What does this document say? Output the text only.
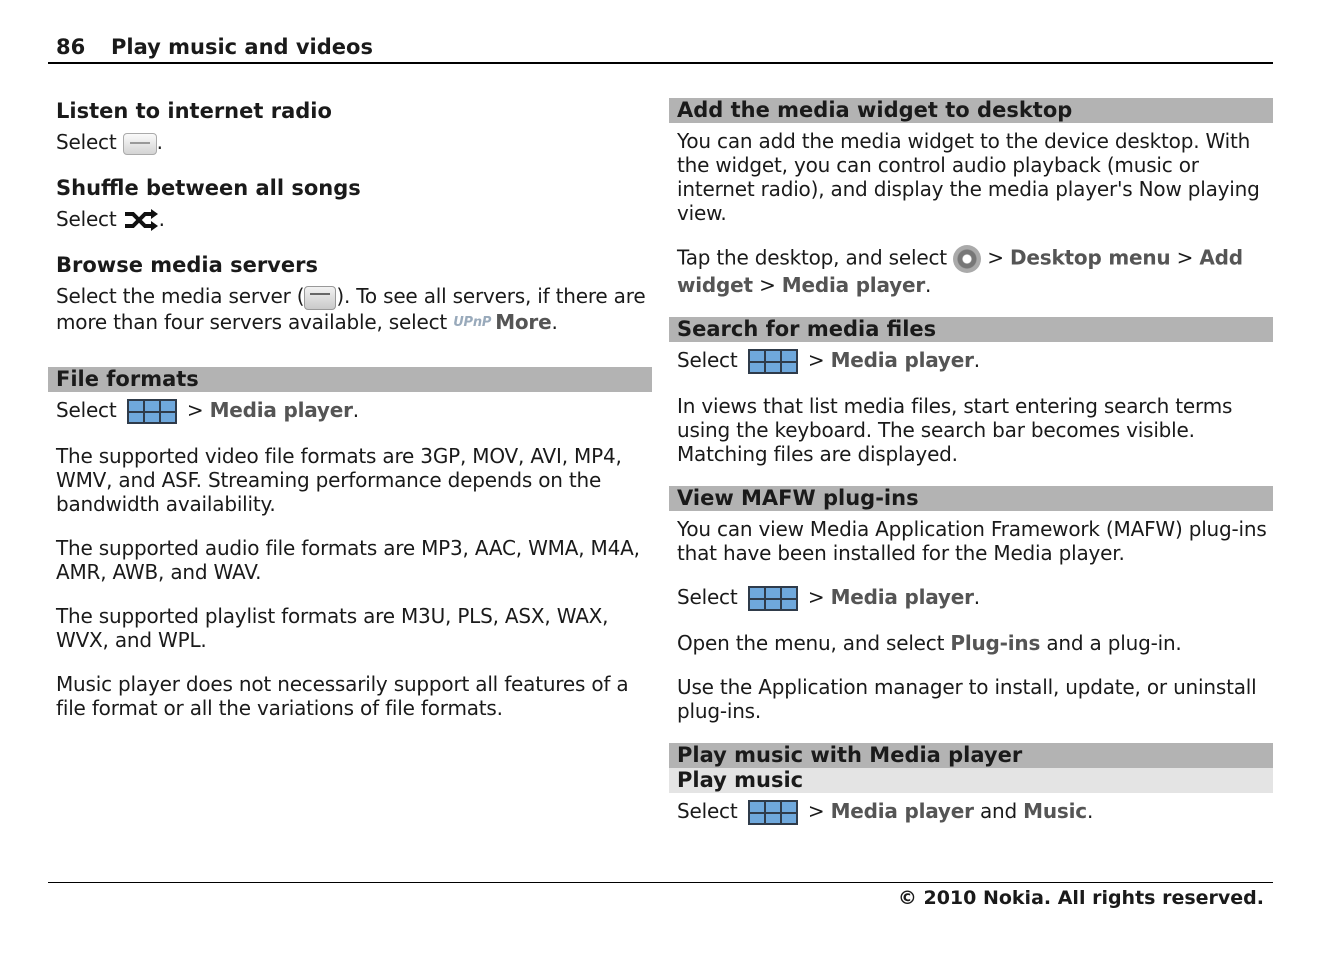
86 Play music and videos
Listen to internet radio

Select .

Shuffle between all songs

Select .

Browse media servers

Select the media server ( ). To see all servers, if there are more than four servers available, select UPnP More.

File formats

Select	> Media player.

The supported video file formats are 3GP, MOV, AVI, MP4, WMV, and ASF. Streaming performance depends on the bandwidth availability.

The supported audio file formats are MP3, AAC, WMA, M4A, AMR, AWB, and WAV.

The supported playlist formats are M3U, PLS, ASX, WAX, WVX, and WPL.

Music player does not necessarily support all features of a file format or all the variations of file formats.

Add the media widget to desktop

You can add the media widget to the device desktop. With the widget, you can control audio playback (music or internet radio), and display the media player's Now playing view.

Tap the desktop, and select > Desktop menu > Add widget > Media player.

Search for media files

Select	> Media player.

In views that list media files, start entering search terms using the keyboard. The search bar becomes visible. Matching files are displayed.

View MAFW plug-ins

You can view Media Application Framework (MAFW) plug-ins that have been installed for the Media player.

Select	> Media player.

Open the menu, and select Plug-ins and a plug-in.

Use the Application manager to install, update, or uninstall plug-ins.

Play music with Media player
Play music

Select	> Media player and Music.

© 2010 Nokia. All rights reserved.
